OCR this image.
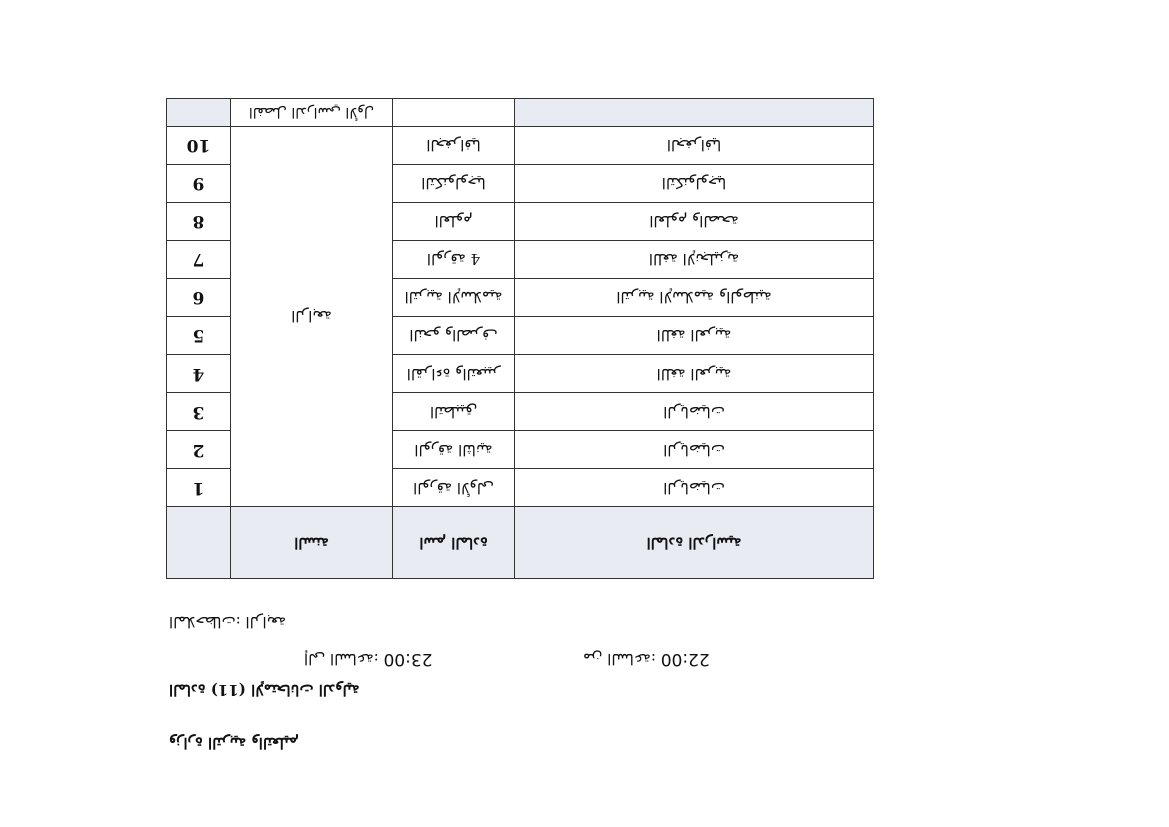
	ﺍﻟﺴﻨﺔ	ﺍﺳﻢ ﺍﻟﻤﺎﺩﺓ	ﺍﻟﻤﺎﺩﺓ ﺍﻟﺪﺭﺍﺳﻴﺔ
1	ﺍﻟﺮﺍﺑﻌﺔ	ﺍﻟﻮﺭﻗﺔ ﺍﻷﻭﻟﻰ	ﺍﻟﺮﻳﺎﺿﻴﺎﺕ
2		ﺍﻟﻮﺭﻗﺔ ﺍﻟﺜﺎﻧﻴﺔ	ﺍﻟﺮﻳﺎﺿﻴﺎﺕ
3		ﺍﻟﺘﻄﺒﻴﻖ	ﺍﻟﺮﻳﺎﺿﻴﺎﺕ
4		ﺍﻟﻘﺮﺍﺀﺓ ﻭﺍﻟﺘﻌﺒﻴﺮ	ﺍﻟﻠﻐﺔ ﺍﻟﻌﺮﺑﻴﺔ
5		ﺍﻟﻨﺤﻮ ﻭﺍﻟﺼﺮﻑ	ﺍﻟﻠﻐﺔ ﺍﻟﻌﺮﺑﻴﺔ
6		ﺍﻟﺘﺮﺑﻴﺔ ﺍﻹﺳﻼﻣﻴﺔ	ﺍﻟﺘﺮﺑﻴﺔ ﺍﻹﺳﻼﻣﻴﺔ ﻭﺍﻟﻮﻃﻨﻴﺔ
7		ﺍﻟﻮﺭﻗﺔ 4	ﺍﻟﻠﻐﺔ ﺍﻹﻧﺠﻠﻴﺰﻳﺔ
8		ﺍﻟﻌﻠﻮﻡ	ﺍﻟﻌﻠﻮﻡ ﻭﺍﻟﺼﺤﺔ
9		ﺍﻟﺘﻜﻨﻮﻟﻮﺟﻴﺎ	ﺍﻟﺘﻜﻨﻮﻟﻮﺟﻴﺎ
10		ﺍﻟﺠﻐﺮﺍﻓﻴﺎ	ﺍﻟﺠﻐﺮﺍﻓﻴﺎ
	ﺍﻟﻔﺼﻞ ﺍﻟﺪﺭﺍﺳﻲ ﺍﻷﻭﻝ		
ﺍﻟﻤﻼﺣﻈﺎﺕ: ﺍﻟﺮﺍﺑﻌﺔ
ﺇﻟﻰ ﺍﻟﺴﺎﻋﺔ: 23:00	ﻣﻦ ﺍﻟﺴﺎﻋﺔ: 22:00
ﺍﻟﻤﺎﺩﺓ (11) ﺍﻹﻣﺘﺤﺎﻧﺎﺕ ﺍﻟﺪﻭﻟﻴﺔ
ﻭﺯﺍﺭﺓ ﺍﻟﺘﺮﺑﻴﺔ ﻭﺍﻟﺘﻌﻠﻴﻢ
